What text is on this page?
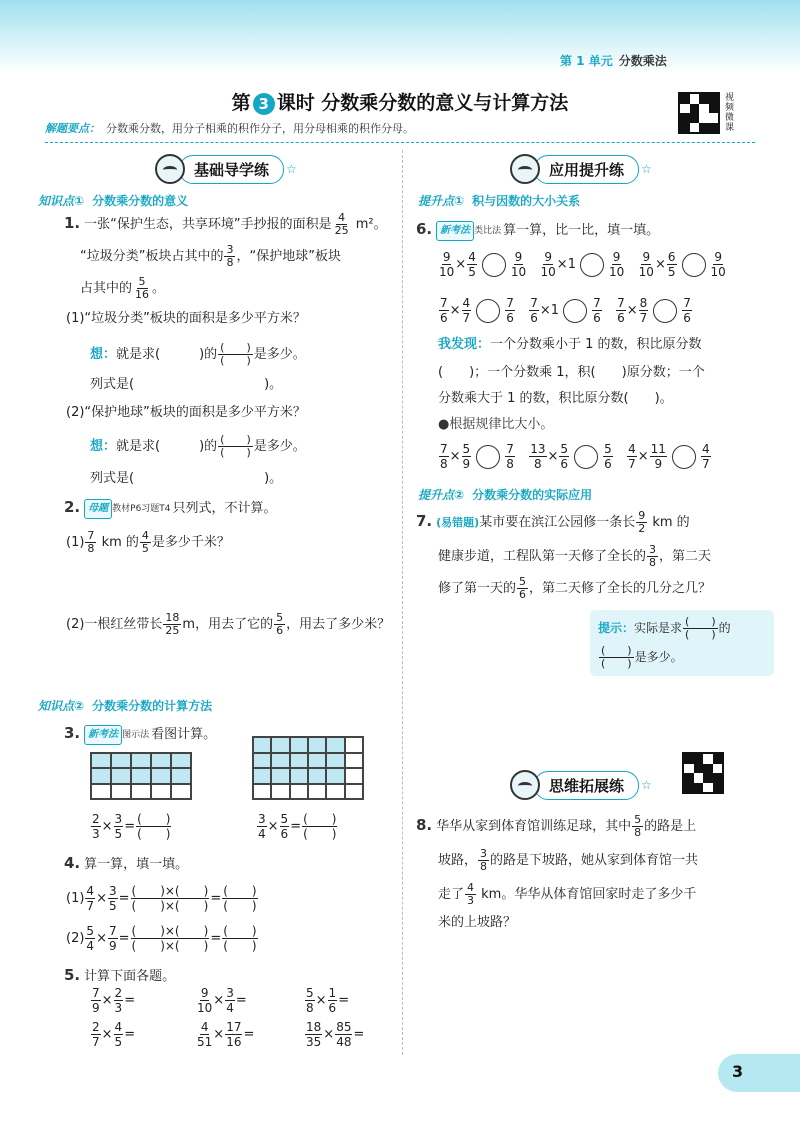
第 1 单元 分数乘法
第 3 课时 分数乘分数的意义与计算方法	视频微课
解题要点： 分数乘分数，用分子相乘的积作分子，用分母相乘的积作分母。
基础导学练	☆
知识点① 分数乘分数的意义
1. 一张“保护生态，共享环境”手抄报的面积是 $\frac{4}{25} m^2$。
“垃圾分类”板块占其中的 $\frac{3}{8}$ ，“保护地球”板块
占其中的 $\frac{5}{16}$ 。
(1)“垃圾分类”板块的面积是多少平方米？
想：就是求(　　　)的 $\frac{( )}{( )}$ 是多少。
列式是(　　　　　　　　　　)。
(2)“保护地球”板块的面积是多少平方米？
想：就是求(　　　)的 $\frac{( )}{( )}$ 是多少。
列式是(　　　　　　　　　　)。
2. 母题 教材P6习题T4 只列式，不计算。
$(1) \frac{7}{8}$ km 的 $\frac{4}{5}$ 是多少千米？
(2)一根红丝带长 $\frac{18}{25}$ m，用去了它的 $\frac{5}{6}$ ，用去了多少米？
知识点② 分数乘分数的计算方法
3. 新考法 图示法 看图计算。
$\frac{2}{3} \times \frac{3}{5}$ = (　　)
(　　)	$\frac{3}{4} \times \frac{5}{6}$ = (　　)
(　　)
4. 算一算，填一填。
$(1) \frac{4}{7} \times \frac{3}{5}$ = (　　)×(　　)
(　　)×(　　) = (　　)
(　　)
$(2) \frac{5}{4} \times \frac{7}{9}$ = (　　)×(　　)
(　　)×(　　) = (　　)
(　　)
5. 计算下面各题。
$\frac{7}{9} \times \frac{2}{3}$ =	$\frac{9}{10} \times \frac{3}{4}$ =	$\frac{5}{8} \times \frac{1}{6}$ =
$\frac{2}{7} \times \frac{4}{5}$ =	$\frac{4}{51} \times \frac{17}{16}$ =	$\frac{18}{35} \times \frac{85}{48}$ =
应用提升练	☆
提升点① 积与因数的大小关系
6. 新考法 类比法 算一算，比一比，填一填。
$\frac{9}{10} \times \frac{4}{5}$	$\frac{9}{10}$
$\frac{9}{10} \times 1$	$\frac{9}{10}$
$\frac{9}{10} \times \frac{6}{5}$	$\frac{9}{10}$
$\frac{7}{6} \times \frac{4}{7}$	$\frac{7}{6}$
$\frac{7}{6} \times 1$	$\frac{7}{6}$
$\frac{7}{6} \times \frac{8}{7}$	$\frac{7}{6}$
我发现：一个分数乘小于 1 的数，积比原分数
(　　)；一个分数乘 1，积(　　)原分数；一个
分数乘大于 1 的数，积比原分数(　　)。
●根据规律比大小。
$\frac{7}{8} \times \frac{5}{9}$	$\frac{7}{8}$
$\frac{13}{8} \times \frac{5}{6}$	$\frac{5}{6}$
$\frac{4}{7} \times \frac{11}{9}$	$\frac{4}{7}$
提升点② 分数乘分数的实际应用
7. (易错题)某市要在滨江公园修一条长 $\frac{9}{2}$ km 的
健康步道，工程队第一天修了全长的 $\frac{3}{8}$ ，第二天
修了第一天的 $\frac{5}{6}$ ，第二天修了全长的几分之几？
提示：实际是求 $\frac{( )}{( )}$ 的
$\frac{( )}{( )}$ 是多少。
思维拓展练	☆
8. 华华从家到体育馆训练足球，其中 $\frac{5}{8}$ 的路是上
坡路， $\frac{3}{8}$ 的路是下坡路，她从家到体育馆一共
走了 $\frac{4}{3}$ km。华华从体育馆回家时走了多少千
米的上坡路？
3
